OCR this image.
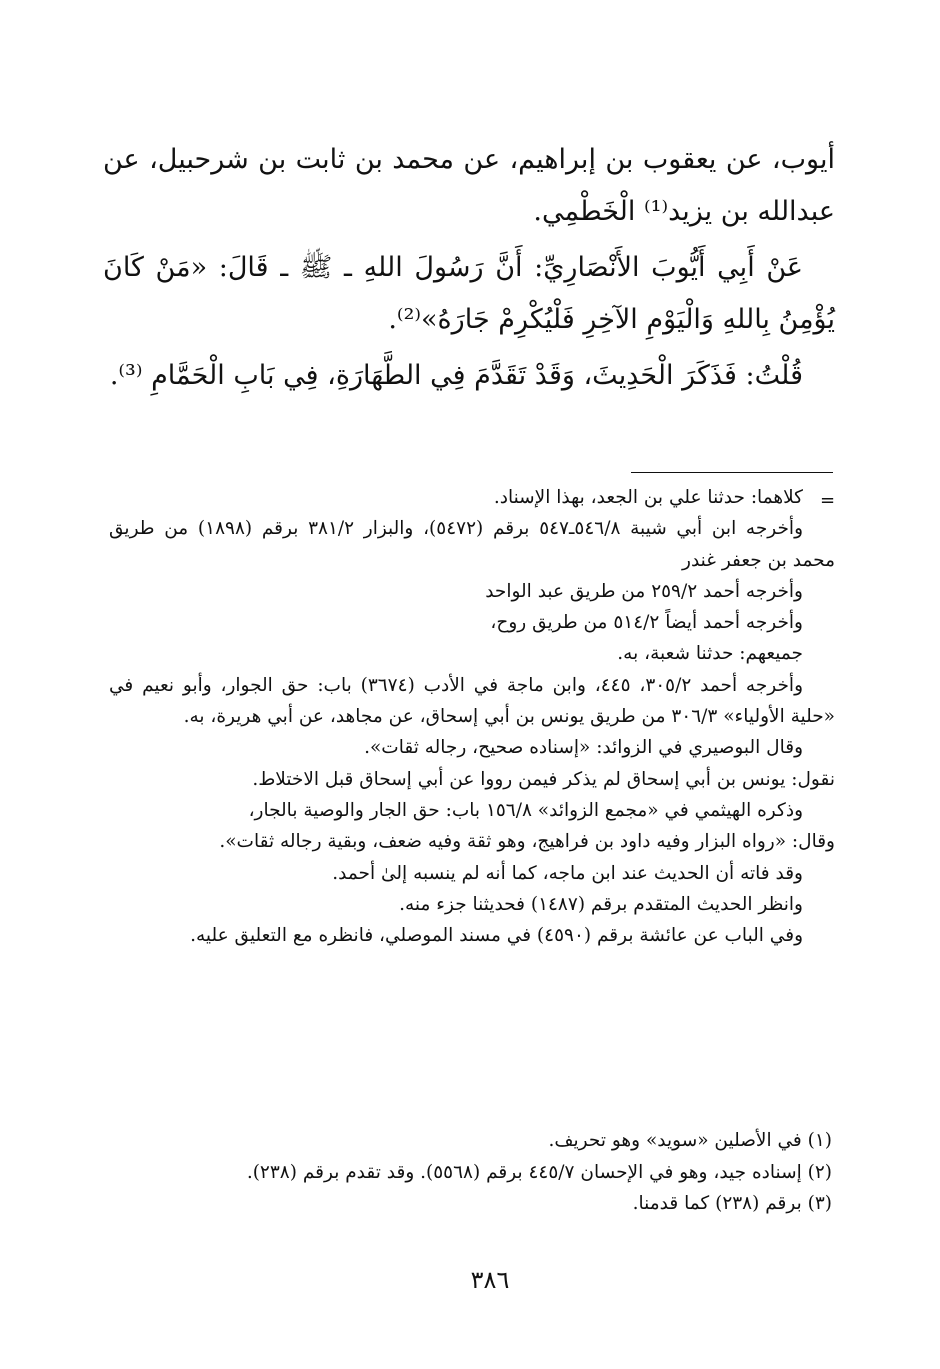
أيوب، عن يعقوب بن إبراهيم، عن محمد بن ثابت بن شرحبيل، عن عبدالله بن يزيد⁽¹⁾ الْخَطْمِي.

عَنْ أَبِي أَيُّوبَ الأَنْصَارِيِّ: أَنَّ رَسُولَ اللهِ ـ ﷺ ـ قَالَ: «مَنْ كَانَ يُؤْمِنُ بِاللهِ وَالْيَوْمِ الآخِرِ فَلْيُكْرِمْ جَارَهُ»⁽²⁾.

قُلْتُ: فَذَكَرَ الْحَدِيثَ، وَقَدْ تَقَدَّمَ فِي الطَّهَارَةِ، فِي بَابِ الْحَمَّامِ ⁽³⁾.

=

كلاهما: حدثنا علي بن الجعد، بهذا الإسناد.

وأخرجه ابن أبي شيبة ٥٤٦/٨ـ٥٤٧ برقم (٥٤٧٢)، والبزار ٣٨١/٢ برقم (١٨٩٨) من طريق محمد بن جعفر غندر

وأخرجه أحمد ٢٥٩/٢ من طريق عبد الواحد

وأخرجه أحمد أيضاً ٥١٤/٢ من طريق روح،

جميعهم: حدثنا شعبة، به.

وأخرجه أحمد ٣٠٥/٢، ٤٤٥، وابن ماجة في الأدب (٣٦٧٤) باب: حق الجوار، وأبو نعيم في «حلية الأولياء» ٣٠٦/٣ من طريق يونس بن أبي إسحاق، عن مجاهد، عن أبي هريرة، به.

وقال البوصيري في الزوائد: «إسناده صحيح، رجاله ثقات».

نقول: يونس بن أبي إسحاق لم يذكر فيمن رووا عن أبي إسحاق قبل الاختلاط.

وذكره الهيثمي في «مجمع الزوائد» ١٥٦/٨ باب: حق الجار والوصية بالجار،

وقال: «رواه البزار وفيه داود بن فراهيج، وهو ثقة وفيه ضعف، وبقية رجاله ثقات».

وقد فاته أن الحديث عند ابن ماجه، كما أنه لم ينسبه إلىٰ أحمد.

وانظر الحديث المتقدم برقم (١٤٨٧) فحديثنا جزء منه.

وفي الباب عن عائشة برقم (٤٥٩٠) في مسند الموصلي، فانظره مع التعليق عليه.

(١) في الأصلين «سويد» وهو تحريف.

(٢) إسناده جيد، وهو في الإحسان ٤٤٥/٧ برقم (٥٥٦٨). وقد تقدم برقم (٢٣٨).

(٣) برقم (٢٣٨) كما قدمنا.

٣٨٦
